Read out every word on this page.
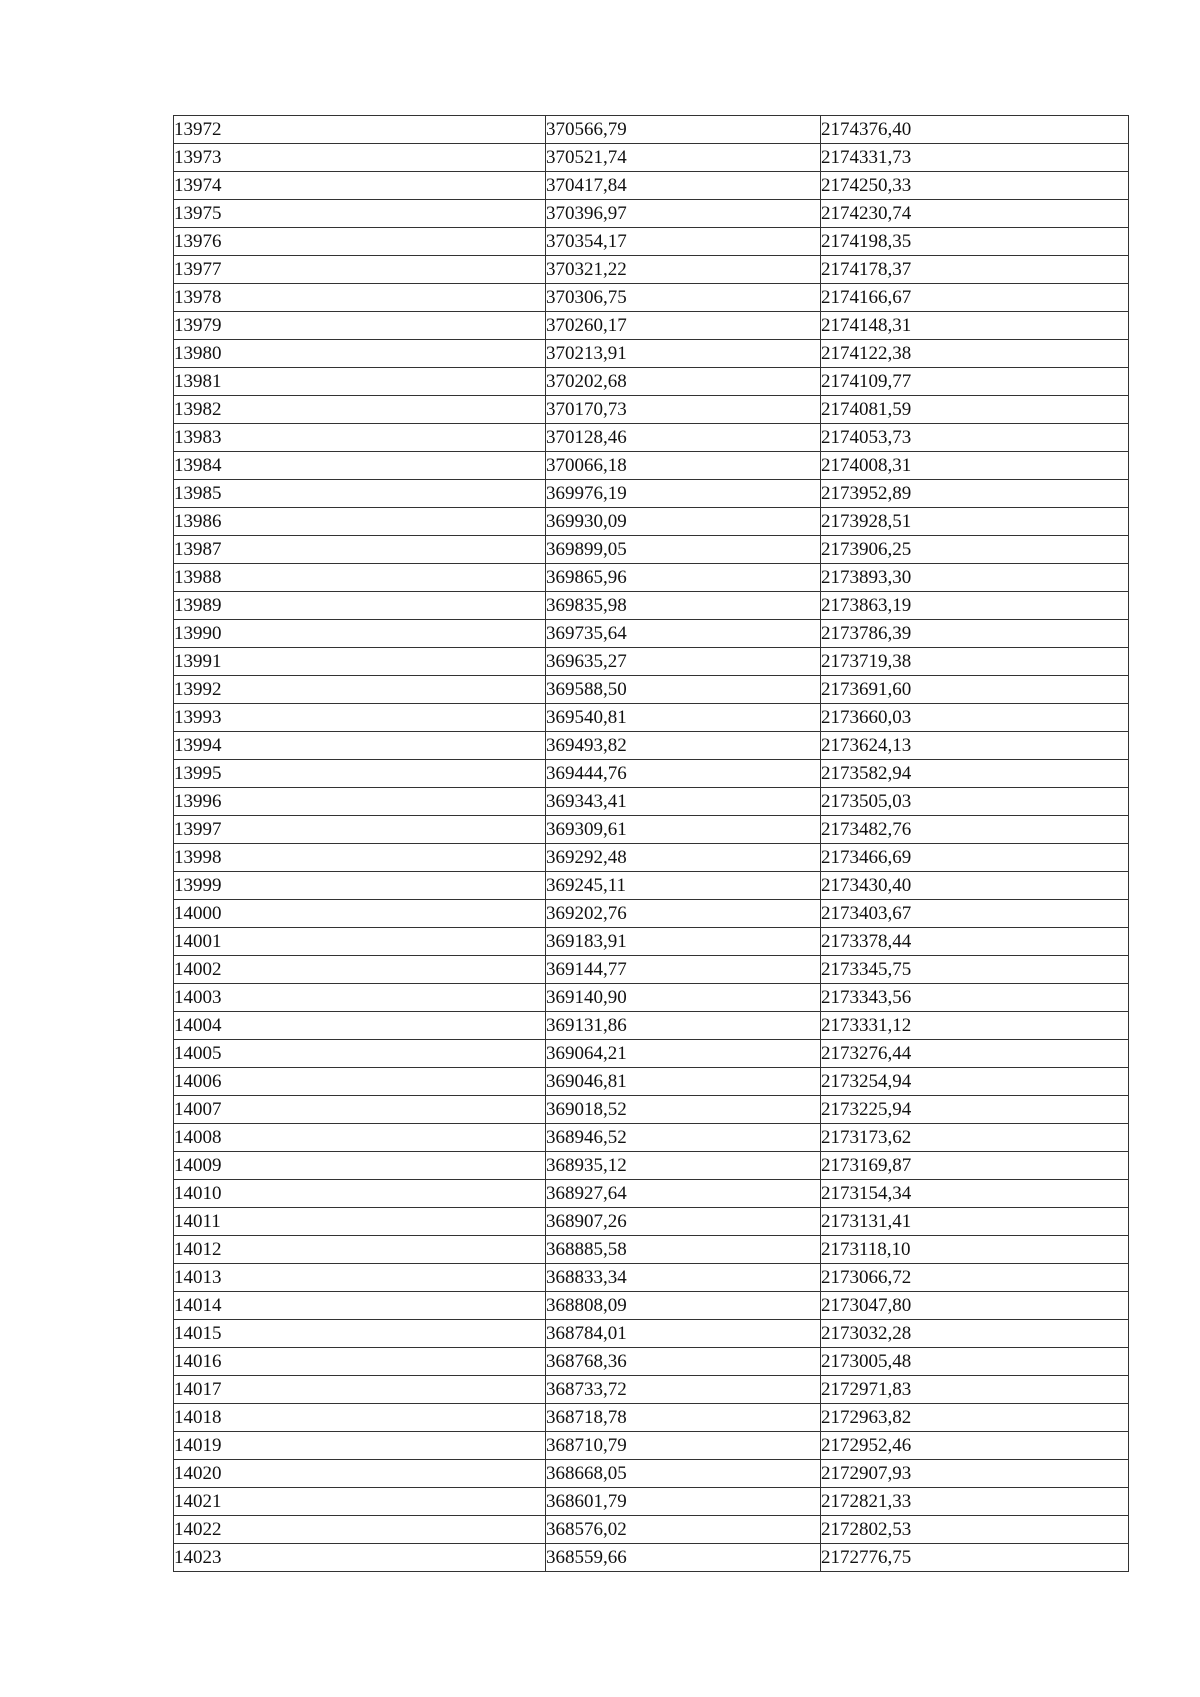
13972	370566,79	2174376,40
13973	370521,74	2174331,73
13974	370417,84	2174250,33
13975	370396,97	2174230,74
13976	370354,17	2174198,35
13977	370321,22	2174178,37
13978	370306,75	2174166,67
13979	370260,17	2174148,31
13980	370213,91	2174122,38
13981	370202,68	2174109,77
13982	370170,73	2174081,59
13983	370128,46	2174053,73
13984	370066,18	2174008,31
13985	369976,19	2173952,89
13986	369930,09	2173928,51
13987	369899,05	2173906,25
13988	369865,96	2173893,30
13989	369835,98	2173863,19
13990	369735,64	2173786,39
13991	369635,27	2173719,38
13992	369588,50	2173691,60
13993	369540,81	2173660,03
13994	369493,82	2173624,13
13995	369444,76	2173582,94
13996	369343,41	2173505,03
13997	369309,61	2173482,76
13998	369292,48	2173466,69
13999	369245,11	2173430,40
14000	369202,76	2173403,67
14001	369183,91	2173378,44
14002	369144,77	2173345,75
14003	369140,90	2173343,56
14004	369131,86	2173331,12
14005	369064,21	2173276,44
14006	369046,81	2173254,94
14007	369018,52	2173225,94
14008	368946,52	2173173,62
14009	368935,12	2173169,87
14010	368927,64	2173154,34
14011	368907,26	2173131,41
14012	368885,58	2173118,10
14013	368833,34	2173066,72
14014	368808,09	2173047,80
14015	368784,01	2173032,28
14016	368768,36	2173005,48
14017	368733,72	2172971,83
14018	368718,78	2172963,82
14019	368710,79	2172952,46
14020	368668,05	2172907,93
14021	368601,79	2172821,33
14022	368576,02	2172802,53
14023	368559,66	2172776,75
